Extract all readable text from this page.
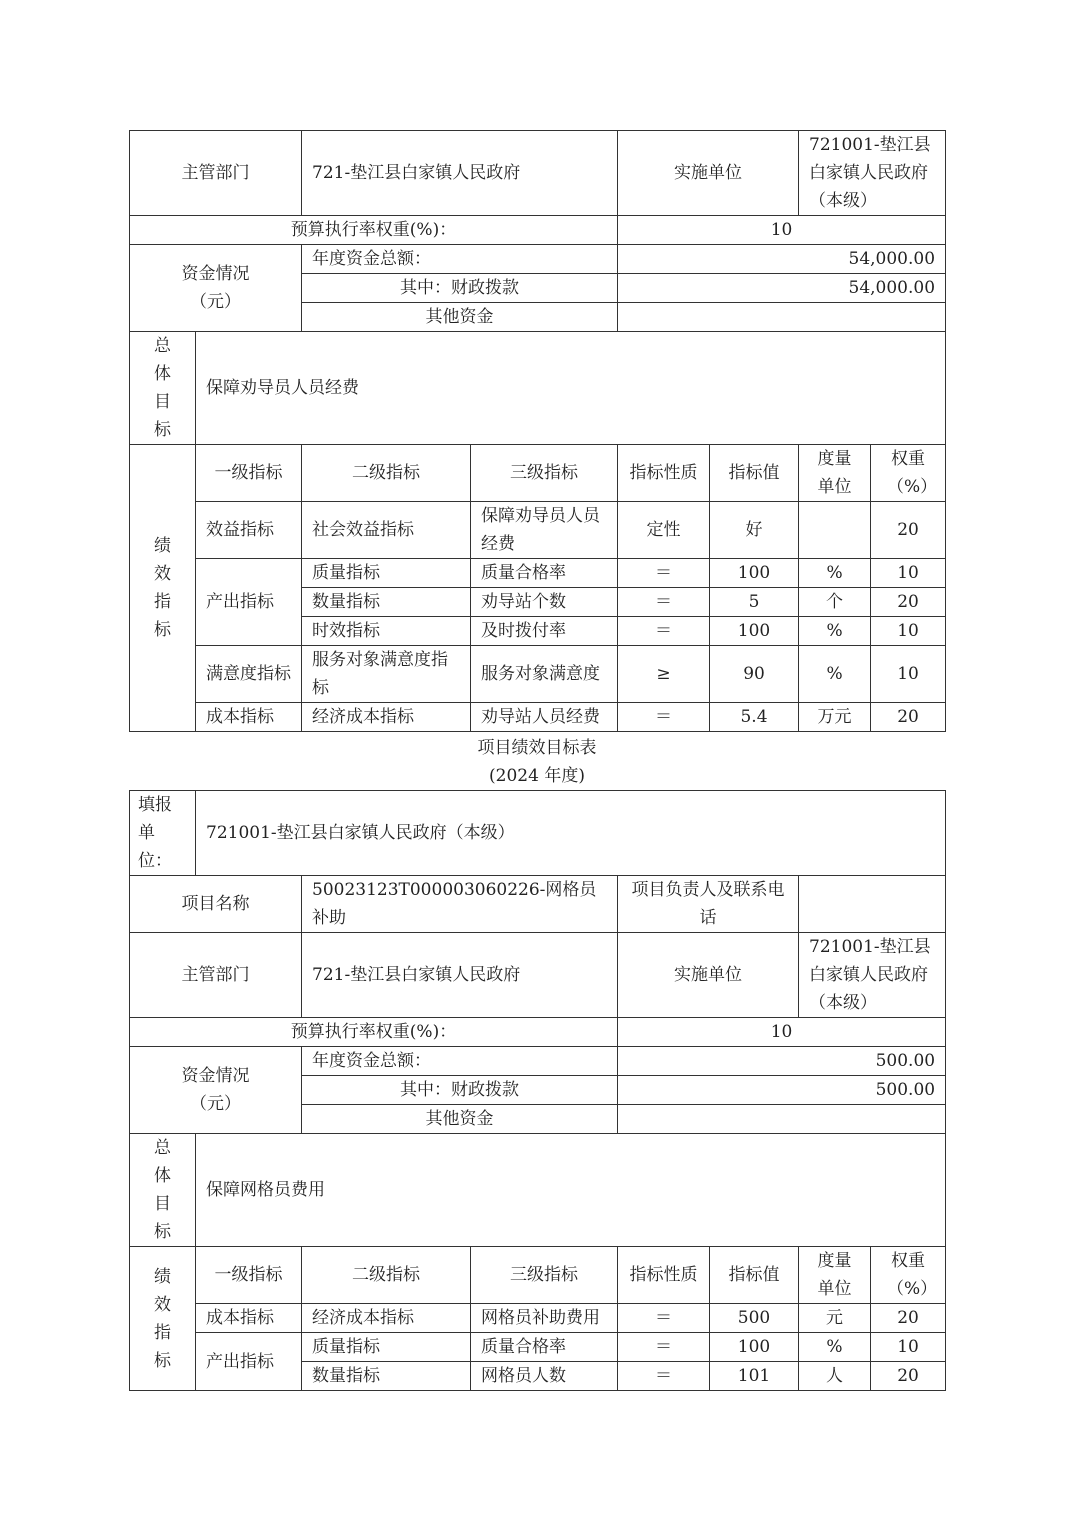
主管部门		721-垫江县白家镇人民政府		实施单位		721001-垫江县白家镇人民政府（本级）	
预算执行率权重(%)：				10			
资金情况（元）		年度资金总额：		54,000.00			
		其中：财政拨款		54,000.00			
		其他资金					
总
体
目
标	保障劝导员人员经费						
绩
效
指
标	一级指标	二级指标	三级指标	指标性质	指标值	度量单位	权重（%）
	效益指标	社会效益指标	保障劝导员人员经费	定性	好		20
	产出指标	质量指标	质量合格率	＝	100	%	10
		数量指标	劝导站个数	＝	5	个	20
		时效指标	及时拨付率	＝	100	%	10
	满意度指标	服务对象满意度指标	服务对象满意度	≥	90	%	10
	成本指标	经济成本指标	劝导站人员经费	＝	5.4	万元	20
项目绩效目标表
(2024 年度)
填报单位：	721001-垫江县白家镇人民政府（本级）						
项目名称		50023123T000003060226-网格员补助		项目负责人及联系电话			
主管部门		721-垫江县白家镇人民政府		实施单位		721001-垫江县白家镇人民政府（本级）	
预算执行率权重(%)：				10			
资金情况（元）		年度资金总额：		500.00			
		其中：财政拨款		500.00			
		其他资金					
总
体
目
标	保障网格员费用						
绩
效
指
标	一级指标	二级指标	三级指标	指标性质	指标值	度量单位	权重（%）
	成本指标	经济成本指标	网格员补助费用	＝	500	元	20
	产出指标	质量指标	质量合格率	＝	100	%	10
		数量指标	网格员人数	＝	101	人	20
